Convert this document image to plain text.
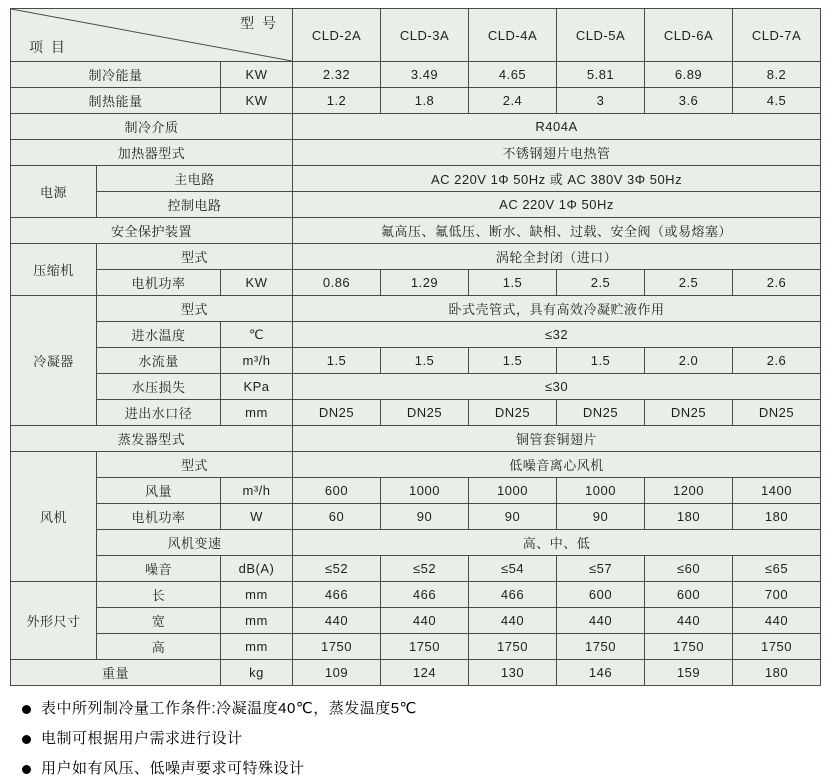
型 号
项 目			CLD-2A	CLD-3A	CLD-4A	CLD-5A	CLD-6A	CLD-7A
制冷能量		KW	2.32	3.49	4.65	5.81	6.89	8.2
制热能量		KW	1.2	1.8	2.4	3	3.6	4.5
制冷介质			R404A					
加热器型式			不锈钢翅片电热管					
电源	主电路		AC 220V 1Φ 50Hz 或 AC 380V 3Φ 50Hz					
	控制电路		AC 220V 1Φ 50Hz					
安全保护装置			氟高压、氟低压、断水、缺相、过载、安全阀（或易熔塞）					
压缩机	型式		涡轮全封闭（进口）					
	电机功率	KW	0.86	1.29	1.5	2.5	2.5	2.6
冷凝器	型式		卧式壳管式，具有高效冷凝贮液作用					
	进水温度	℃	≤32					
	水流量	m³/h	1.5	1.5	1.5	1.5	2.0	2.6
	水压损失	KPa	≤30					
	进出水口径	mm	DN25	DN25	DN25	DN25	DN25	DN25
蒸发器型式			铜管套铜翅片					
风机	型式		低噪音离心风机					
	风量	m³/h	600	1000	1000	1000	1200	1400
	电机功率	W	60	90	90	90	180	180
	风机变速		高、中、低					
	噪音	dB(A)	≤52	≤52	≤54	≤57	≤60	≤65
外形尺寸	长	mm	466	466	466	600	600	700
	宽	mm	440	440	440	440	440	440
	高	mm	1750	1750	1750	1750	1750	1750
重量		kg	109	124	130	146	159	180
表中所列制冷量工作条件:冷凝温度40℃，蒸发温度5℃
电制可根据用户需求进行设计
用户如有风压、低噪声要求可特殊设计
